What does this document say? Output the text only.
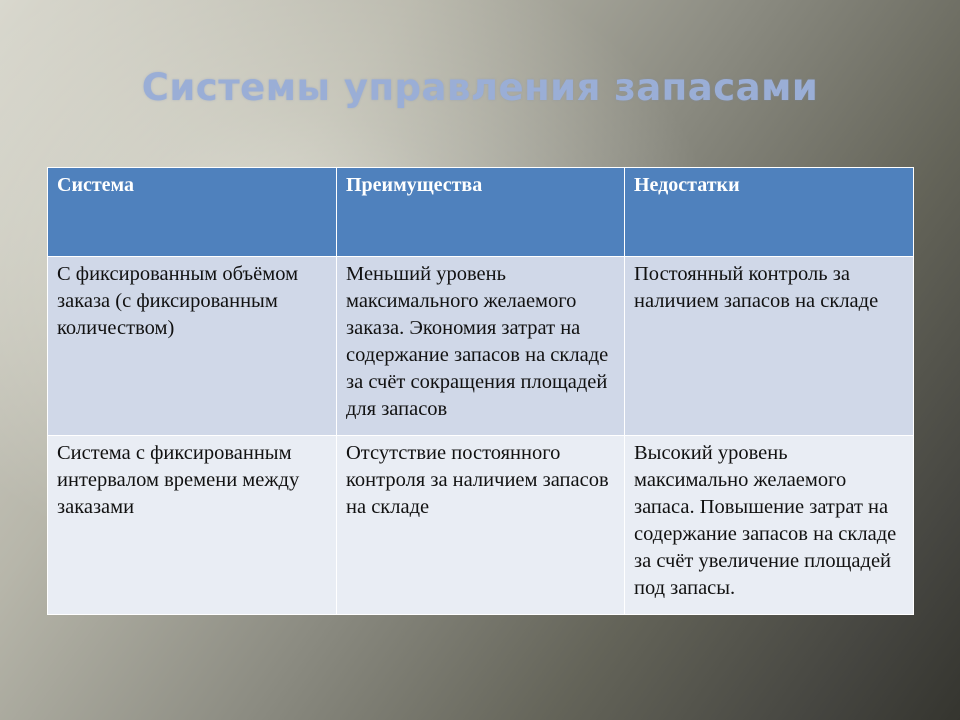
Системы управления запасами
Система	Преимущества	Недостатки
С фиксированным объёмом заказа (с фиксированным количеством)	Меньший уровень максимального желаемого заказа. Экономия затрат на содержание запасов на складе за счёт сокращения площадей для запасов	Постоянный контроль за наличием запасов на складе
Система с фиксированным интервалом времени между заказами	Отсутствие постоянного контроля за наличием запасов на складе	Высокий уровень максимально желаемого запаса. Повышение затрат на содержание запасов на складе за счёт увеличение площадей под запасы.
